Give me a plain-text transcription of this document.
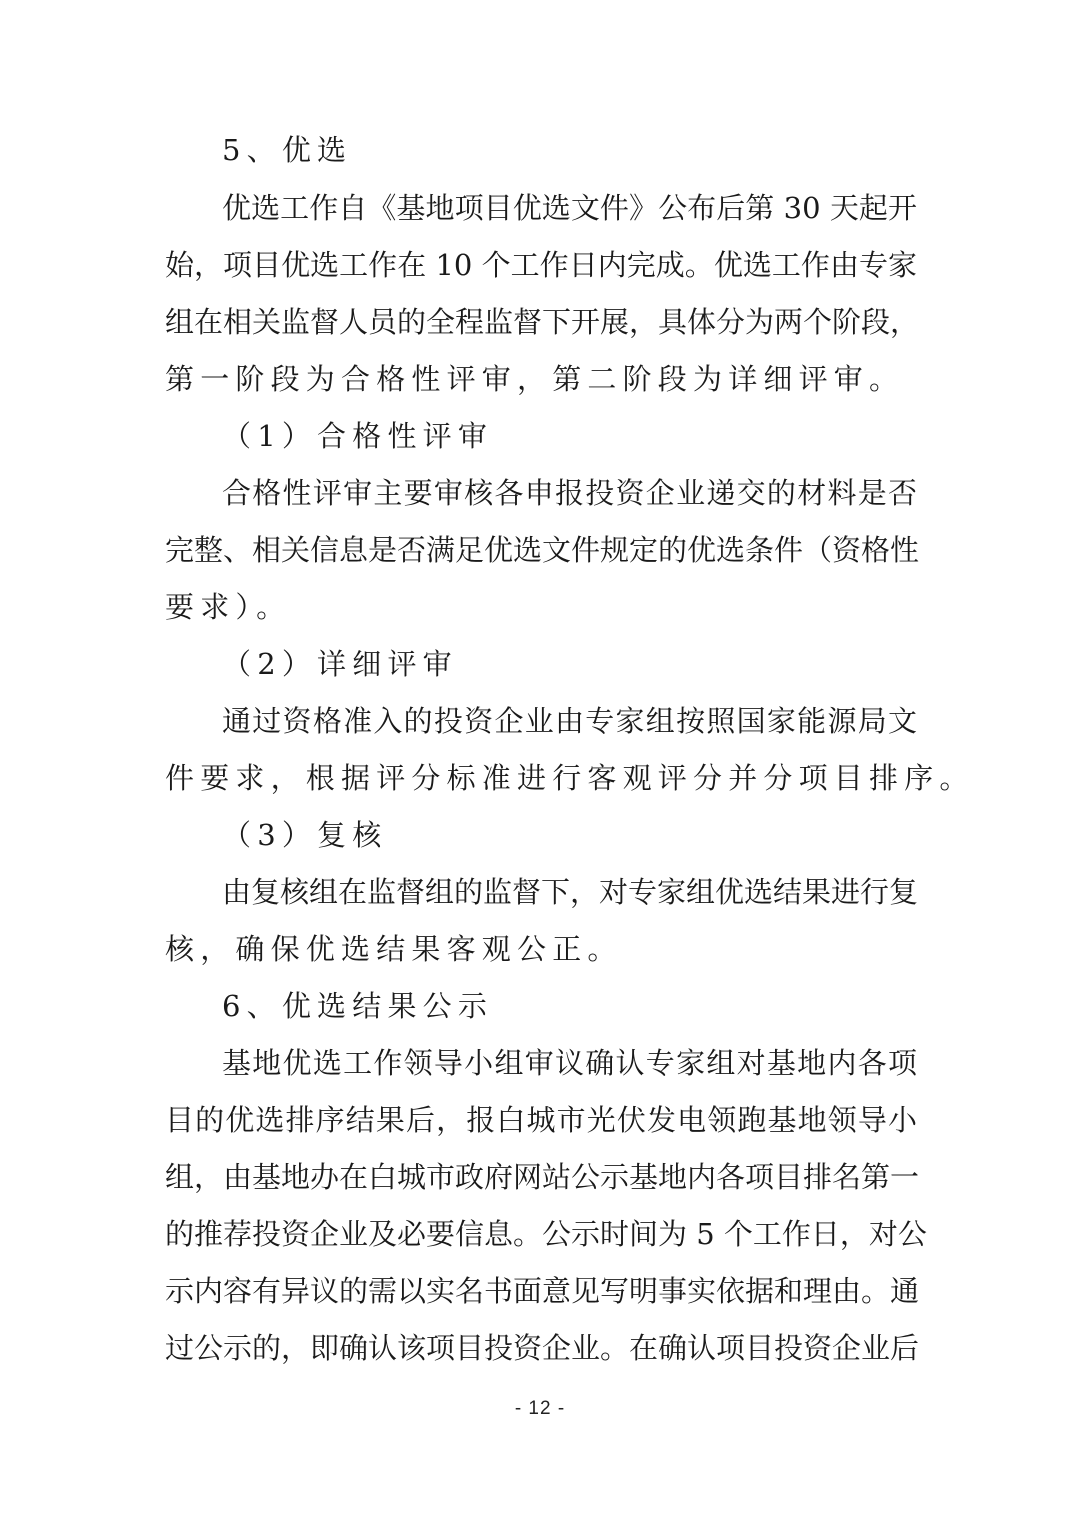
5、优选
优选工作自《基地项目优选文件》公布后第 30 天起开
始，项目优选工作在 10 个工作日内完成。优选工作由专家
组在相关监督人员的全程监督下开展，具体分为两个阶段，
第一阶段为合格性评审，第二阶段为详细评审。
（1）合格性评审
合格性评审主要审核各申报投资企业递交的材料是否
完整、相关信息是否满足优选文件规定的优选条件（资格性
要求）。
（2）详细评审
通过资格准入的投资企业由专家组按照国家能源局文
件要求，根据评分标准进行客观评分并分项目排序。
（3）复核
由复核组在监督组的监督下，对专家组优选结果进行复
核，确保优选结果客观公正。
6、优选结果公示
基地优选工作领导小组审议确认专家组对基地内各项
目的优选排序结果后，报白城市光伏发电领跑基地领导小
组，由基地办在白城市政府网站公示基地内各项目排名第一
的推荐投资企业及必要信息。公示时间为 5 个工作日，对公
示内容有异议的需以实名书面意见写明事实依据和理由。通
过公示的，即确认该项目投资企业。在确认项目投资企业后
- 12 -
